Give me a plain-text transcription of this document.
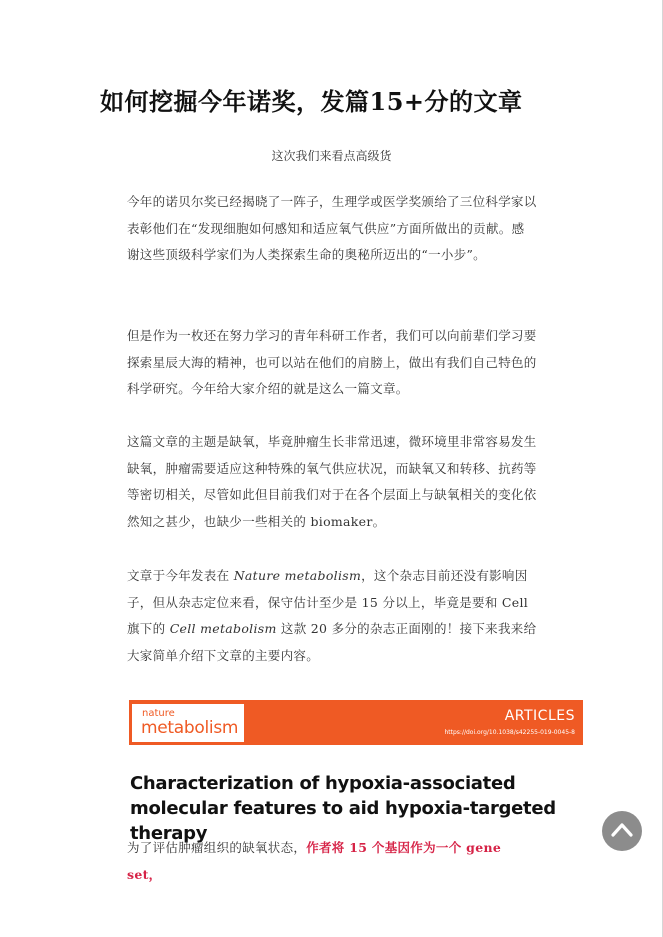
如何挖掘今年诺奖，发篇15+分的文章
这次我们来看点高级货

今年的诺贝尔奖已经揭晓了一阵子，生理学或医学奖颁给了三位科学家以表彰他们在“发现细胞如何感知和适应氧气供应”方面所做出的贡献。感谢这些顶级科学家们为人类探索生命的奥秘所迈出的“一小步”。

但是作为一枚还在努力学习的青年科研工作者，我们可以向前辈们学习要探索星辰大海的精神，也可以站在他们的肩膀上，做出有我们自己特色的科学研究。今年给大家介绍的就是这么一篇文章。

这篇文章的主题是缺氧，毕竟肿瘤生长非常迅速，微环境里非常容易发生缺氧，肿瘤需要适应这种特殊的氧气供应状况，而缺氧又和转移、抗药等等密切相关，尽管如此但目前我们对于在各个层面上与缺氧相关的变化依然知之甚少，也缺少一些相关的 biomaker。

文章于今年发表在 Nature metabolism，这个杂志目前还没有影响因子，但从杂志定位来看，保守估计至少是 15 分以上，毕竟是要和 Cell 旗下的 Cell metabolism 这款 20 多分的杂志正面刚的！接下来我来给大家简单介绍下文章的主要内容。

nature
metabolism
ARTICLES
https://doi.org/10.1038/s42255-019-0045-8
Characterization of hypoxia-associated molecular features to aid hypoxia-targeted therapy

为了评估肿瘤组织的缺氧状态，作者将 15 个基因作为一个 gene set，
